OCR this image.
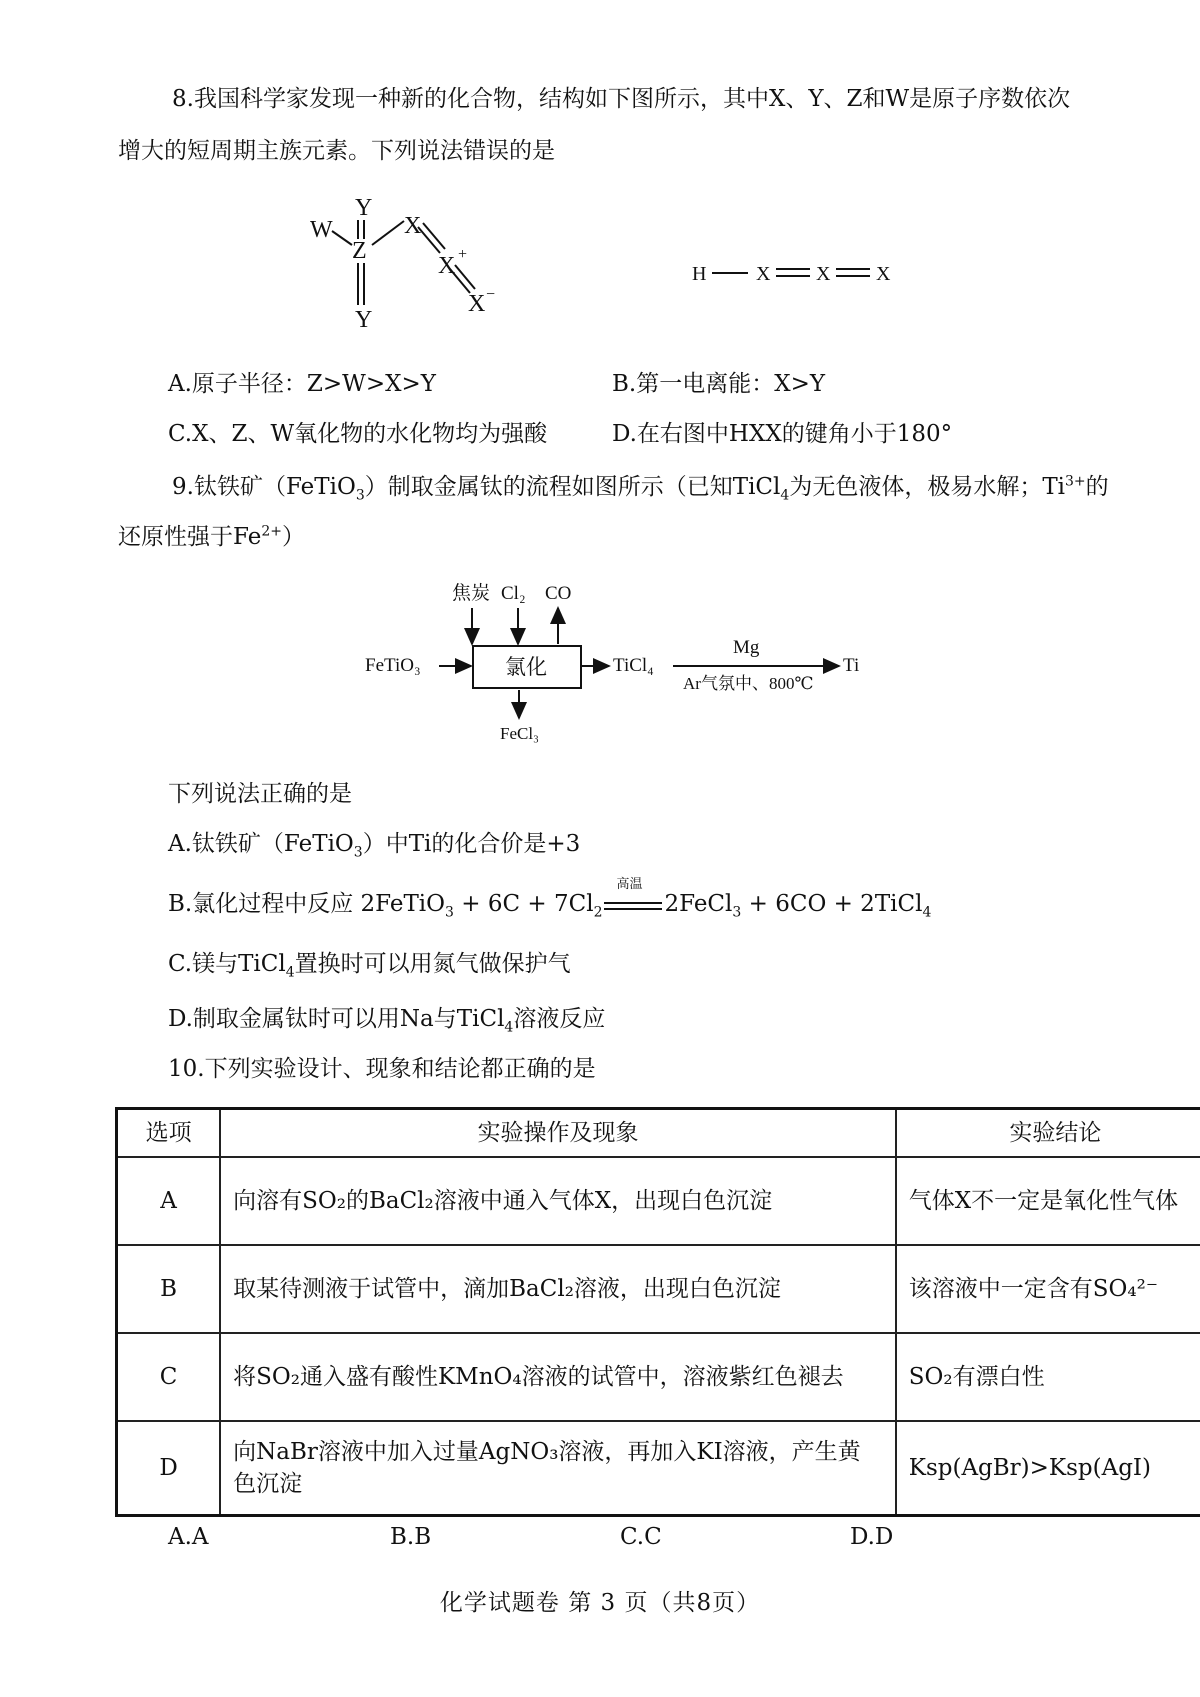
8.我国科学家发现一种新的化合物，结构如下图所示，其中X、Y、Z和W是原子序数依次
增大的短周期主族元素。下列说法错误的是
W
Y
Z
Y
X
X
X
+
−
H X X X
A.原子半径：Z>W>X>Y	B.第一电离能：X>Y
C.X、Z、W氧化物的水化物均为强酸	D.在右图中HXX的键角小于180°
9.钛铁矿（FeTiO$_3$）制取金属钛的流程如图所示（已知TiCl$_4$为无色液体，极易水解；$Ti^{3+}$的
还原性强于$Fe^{2+}$）
焦炭 Cl₂ CO
FeTiO₃	氯化	TiCl₄
Mg
Ar气氛中、800℃
Ti
FeCl₃
下列说法正确的是
A.钛铁矿（FeTiO$_3$）中Ti的化合价是+3
B.氯化过程中反应 2FeTiO$_3$ + $6C + 7Cl_2$
高温
2FeCl$_3$ + 6CO + 2TiCl$_4$
C.镁与TiCl$_4$置换时可以用氮气做保护气
D.制取金属钛时可以用Na与TiCl$_4$溶液反应
10.下列实验设计、现象和结论都正确的是
选项	实验操作及现象	实验结论
A	向溶有SO₂的BaCl₂溶液中通入气体X，出现白色沉淀	气体X不一定是氧化性气体
B	取某待测液于试管中，滴加BaCl₂溶液，出现白色沉淀	该溶液中一定含有SO₄²⁻
C	将SO₂通入盛有酸性KMnO₄溶液的试管中，溶液紫红色褪去	SO₂有漂白性
D	向NaBr溶液中加入过量AgNO₃溶液，再加入KI溶液，产生黄色沉淀	Ksp(AgBr)>Ksp(AgI)
A.A	B.B	C.C	D.D
化学试题卷 第 3 页（共8页）
